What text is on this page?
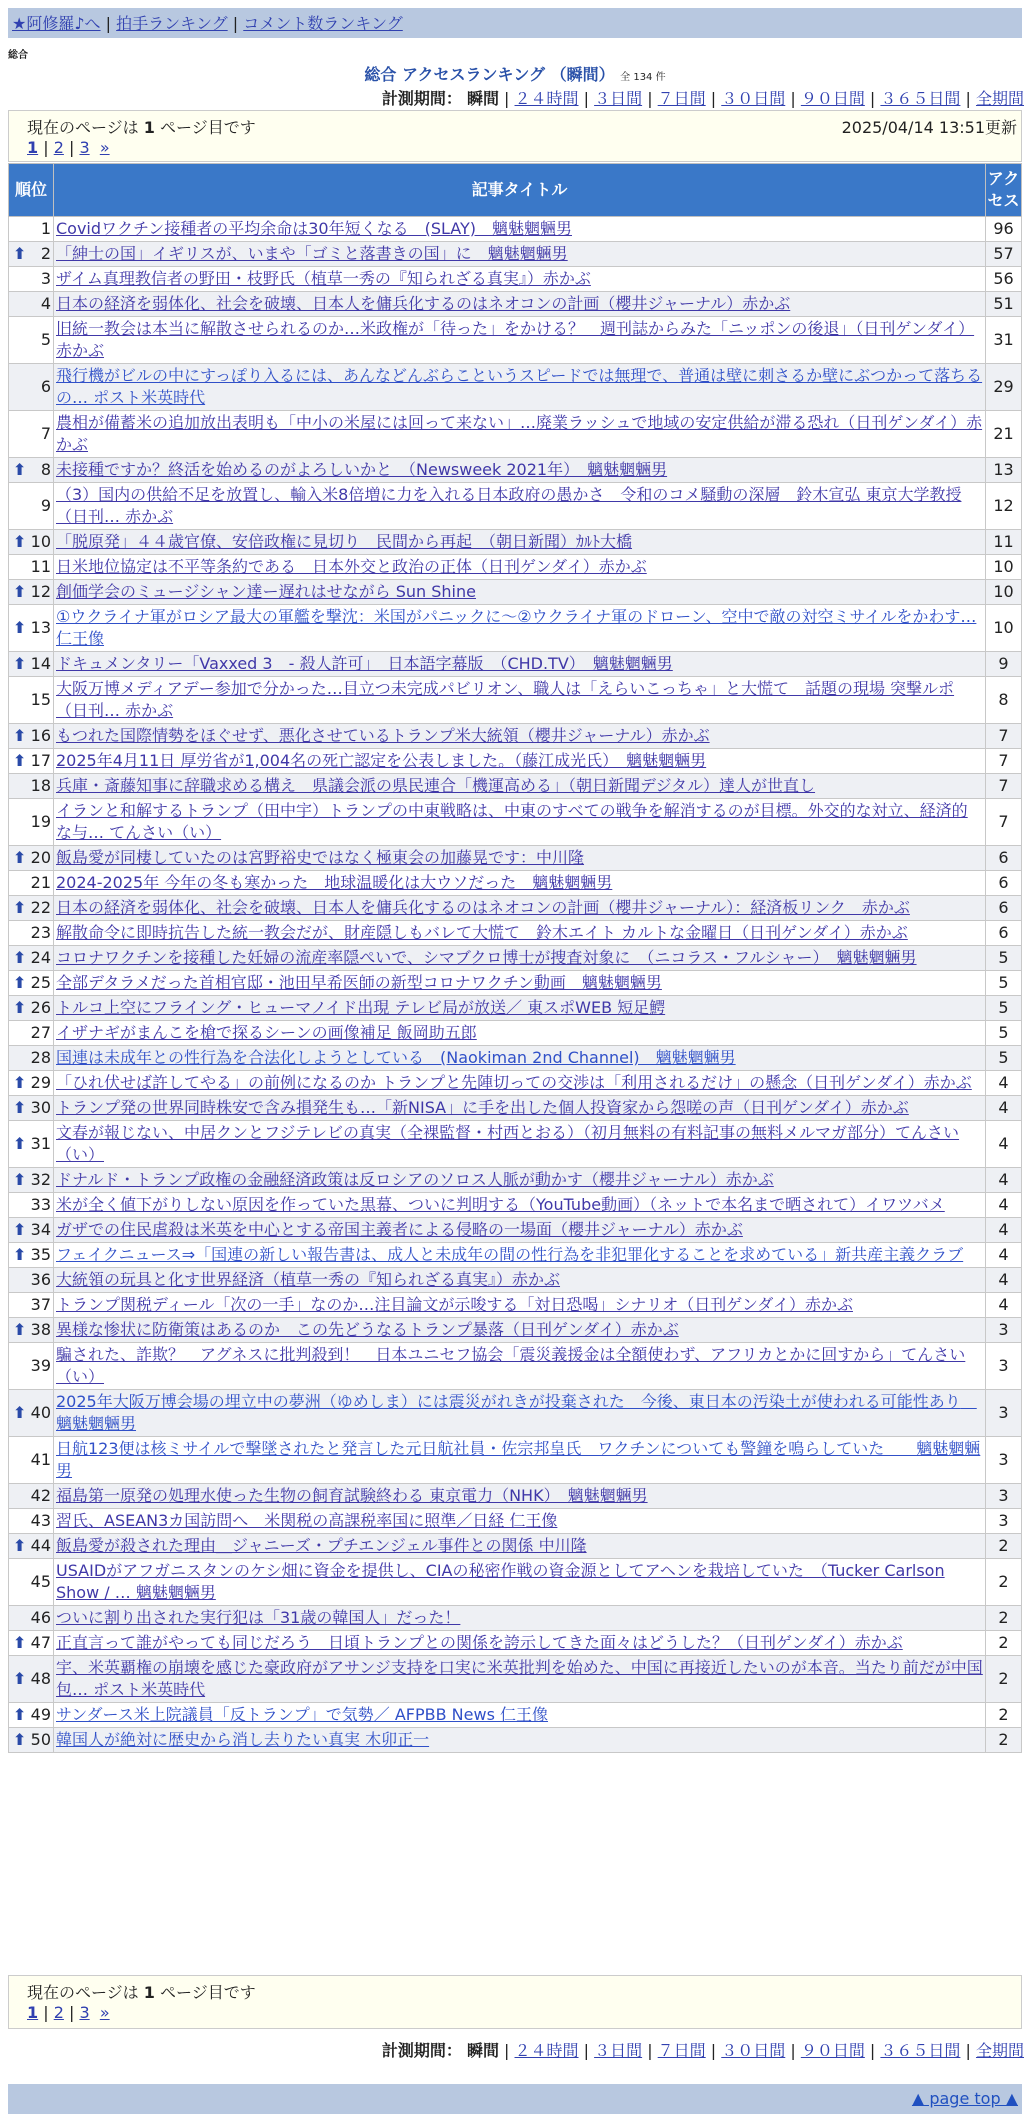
★阿修羅♪へ | 拍手ランキング | コメント数ランキング
総合
総合 アクセスランキング （瞬間） 全 134 件
計測期間： 瞬間 | ２４時間 | ３日間 | ７日間 | ３０日間 | ９０日間 | ３６５日間 | 全期間
現在のページは 1 ページ目です	2025/04/14 13:51更新
1 | 2 | 3 »
順位	記事タイトル	アクセス
1	Covidワクチン接種者の平均余命は30年短くなる　(SLAY)　魑魅魍魎男	96

⬆ 2	「紳士の国」イギリスが、いまや「ゴミと落書きの国」に　魑魅魍魎男	57
3	ザイム真理教信者の野田・枝野氏（植草一秀の『知られざる真実』）赤かぶ	56
4	日本の経済を弱体化、社会を破壊、日本人を傭兵化するのはネオコンの計画（櫻井ジャーナル）赤かぶ	51
5	旧統一教会は本当に解散させられるのか…米政権が「待った」をかける？　週刊誌からみた「ニッポンの後退」（日刊ゲンダイ）赤かぶ	31
6	飛行機がビルの中にすっぽり入るには、あんなどんぶらこというスピードでは無理で、普通は壁に刺さるか壁にぶつかって落ちるの… ポスト米英時代	29
7	農相が備蓄米の追加放出表明も「中小の米屋には回って来ない」…廃業ラッシュで地域の安定供給が滞る恐れ（日刊ゲンダイ）赤かぶ	21

⬆ 8	未接種ですか？終活を始めるのがよろしいかと　（Newsweek 2021年）　魑魅魍魎男	13
9	（3）国内の供給不足を放置し、輸入米8倍増に力を入れる日本政府の愚かさ　令和のコメ騒動の深層　鈴木宣弘 東京大学教授（日刊… 赤かぶ	12

⬆ 10	「脱原発」４４歳官僚、安倍政権に見切り　民間から再起　（朝日新聞）ｶﾙﾄ大橋	11
11	日米地位協定は不平等条約である　日本外交と政治の正体（日刊ゲンダイ）赤かぶ	10

⬆ 12	創価学会のミュージシャン達ー遅れはせながら Sun Shine	10

⬆ 13	①ウクライナ軍がロシア最大の軍艦を撃沈：米国がパニックに～②ウクライナ軍のドローン、空中で敵の対空ミサイルをかわす… 仁王像	10

⬆ 14	ドキュメンタリー「Vaxxed 3　- 殺人許可」　日本語字幕版　（CHD.TV）　魑魅魍魎男	9
15	大阪万博メディアデー参加で分かった…目立つ未完成パビリオン、職人は「えらいこっちゃ」と大慌て　話題の現場 突撃ルポ（日刊… 赤かぶ	8

⬆ 16	もつれた国際情勢をほぐせず、悪化させているトランプ米大統領（櫻井ジャーナル）赤かぶ	7

⬆ 17	2025年4月11日 厚労省が1,004名の死亡認定を公表しました。（藤江成光氏）　魑魅魍魎男	7
18	兵庫・斎藤知事に辞職求める構え　県議会派の県民連合「機運高める」（朝日新聞デジタル）達人が世直し	7
19	イランと和解するトランプ（田中宇）トランプの中東戦略は、中東のすべての戦争を解消するのが目標。外交的な対立、経済的な与… てんさい（い）	7

⬆ 20	飯島愛が同棲していたのは宮野裕史ではなく極東会の加藤晃です：中川隆	6
21	2024-2025年 今年の冬も寒かった　地球温暖化は大ウソだった　魑魅魍魎男	6

⬆ 22	日本の経済を弱体化、社会を破壊、日本人を傭兵化するのはネオコンの計画（櫻井ジャーナル）：経済板リンク　赤かぶ	6
23	解散命令に即時抗告した統一教会だが、財産隠しもバレて大慌て　鈴木エイト カルトな金曜日（日刊ゲンダイ）赤かぶ	6

⬆ 24	コロナワクチンを接種した妊婦の流産率隠ぺいで、シマブクロ博士が捜査対象に　（ニコラス・フルシャー）　魑魅魍魎男	5

⬆ 25	全部デタラメだった首相官邸・池田早希医師の新型コロナワクチン動画　魑魅魍魎男	5

⬆ 26	トルコ上空にフライング・ヒューマノイド出現 テレビ局が放送／ 東スポWEB 短足鰐	5
27	イザナギがまんこを槍で探るシーンの画像補足 飯岡助五郎	5
28	国連は未成年との性行為を合法化しようとしている　(Naokiman 2nd Channel)　魑魅魍魎男	5

⬆ 29	「ひれ伏せば許してやる」の前例になるのか トランプと先陣切っての交渉は「利用されるだけ」の懸念（日刊ゲンダイ）赤かぶ	4

⬆ 30	トランプ発の世界同時株安で含み損発生も…「新NISA」に手を出した個人投資家から怨嗟の声（日刊ゲンダイ）赤かぶ	4

⬆ 31	文春が報じない、中居クンとフジテレビの真実（全裸監督・村西とおる）（初月無料の有料記事の無料メルマガ部分）てんさい（い）	4

⬆ 32	ドナルド・トランプ政権の金融経済政策は反ロシアのソロス人脈が動かす（櫻井ジャーナル）赤かぶ	4
33	米が全く値下がりしない原因を作っていた黒幕、ついに判明する（YouTube動画）（ネットで本名まで晒されて）イワツバメ	4

⬆ 34	ガザでの住民虐殺は米英を中心とする帝国主義者による侵略の一場面（櫻井ジャーナル）赤かぶ	4

⬆ 35	フェイクニュース⇒「国連の新しい報告書は、成人と未成年の間の性行為を非犯罪化することを求めている」新共産主義クラブ	4
36	大統領の玩具と化す世界経済（植草一秀の『知られざる真実』）赤かぶ	4
37	トランプ関税ディール「次の一手」なのか…注目論文が示唆する「対日恐喝」シナリオ（日刊ゲンダイ）赤かぶ	4

⬆ 38	異様な惨状に防衛策はあるのか　この先どうなるトランプ暴落（日刊ゲンダイ）赤かぶ	3
39	騙された、詐欺？　アグネスに批判殺到！　日本ユニセフ協会「震災義援金は全額使わず、アフリカとかに回すから」てんさい（い）	3

⬆ 40	2025年大阪万博会場の埋立中の夢洲（ゆめしま）には震災がれきが投棄された　今後、東日本の汚染土が使われる可能性あり　魑魅魍魎男	3
41	日航123便は核ミサイルで撃墜されたと発言した元日航社員・佐宗邦皇氏　ワクチンについても警鐘を鳴らしていた　　魑魅魍魎男	3
42	福島第一原発の処理水使った生物の飼育試験終わる 東京電力（NHK）　魑魅魍魎男	3
43	習氏、ASEAN3カ国訪問へ　米関税の高課税率国に照準／日経 仁王像	3

⬆ 44	飯島愛が殺された理由＿ジャニーズ・プチエンジェル事件との関係 中川隆	2
45	USAIDがアフガニスタンのケシ畑に資金を提供し、CIAの秘密作戦の資金源としてアヘンを栽培していた　（Tucker Carlson Show / … 魑魅魍魎男	2
46	ついに割り出された実行犯は「31歳の韓国人」だった！	2

⬆ 47	正直言って誰がやっても同じだろう　日頃トランプとの関係を誇示してきた面々はどうした？（日刊ゲンダイ）赤かぶ	2

⬆ 48	宇、米英覇権の崩壊を感じた豪政府がアサンジ支持を口実に米英批判を始めた、中国に再接近したいのが本音。当たり前だが中国包… ポスト米英時代	2

⬆ 49	サンダース米上院議員「反トランプ」で気勢／ AFPBB News 仁王像	2

⬆ 50	韓国人が絶対に歴史から消し去りたい真実 木卯正一	2
現在のページは 1 ページ目です
1 | 2 | 3 »
計測期間： 瞬間 | ２４時間 | ３日間 | ７日間 | ３０日間 | ９０日間 | ３６５日間 | 全期間
▲ page top ▲
